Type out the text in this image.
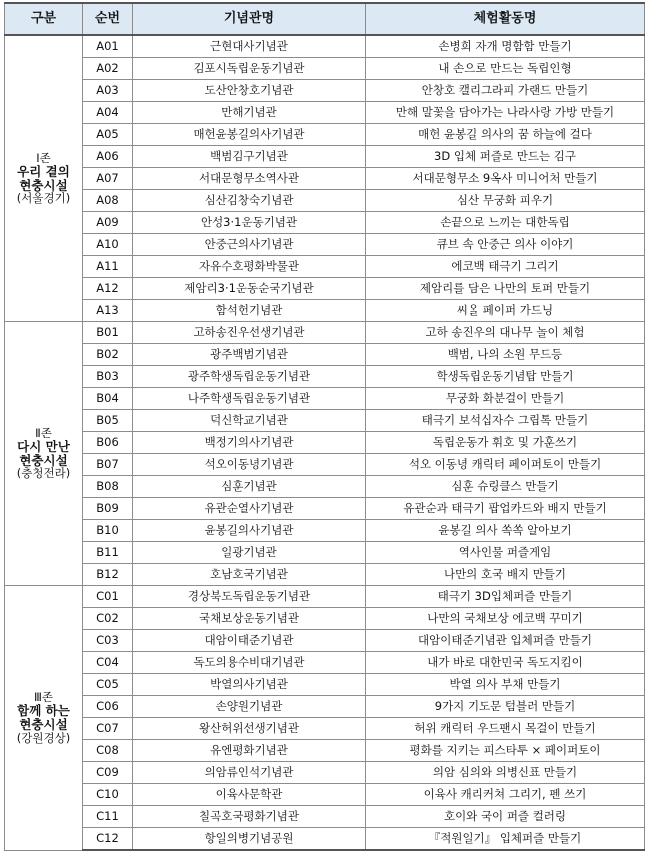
구분	순번	기념관명	체험활동명

Ⅰ존
우리 곁의
현충시설
(서울경기)	A01	근현대사기념관	손병희 자개 명함함 만들기
	A02	김포시독립운동기념관	내 손으로 만드는 독립인형
	A03	도산안창호기념관	안창호 캘리그라피 가랜드 만들기
	A04	만해기념관	만해 말꽃을 담아가는 나라사랑 가방 만들기
	A05	매헌윤봉길의사기념관	매헌 윤봉길 의사의 꿈 하늘에 걸다
	A06	백범김구기념관	3D 입체 퍼즐로 만드는 김구
	A07	서대문형무소역사관	서대문형무소 9옥사 미니어처 만들기
	A08	심산김창숙기념관	심산 무궁화 피우기
	A09	안성3·1운동기념관	손끝으로 느끼는 대한독립
	A10	안중근의사기념관	큐브 속 안중근 의사 이야기
	A11	자유수호평화박물관	에코백 태극기 그리기
	A12	제암리3·1운동순국기념관	제암리를 담은 나만의 토퍼 만들기
	A13	함석헌기념관	씨ᄋᆞᆯ 페이퍼 가드닝

Ⅱ존
다시 만난
현충시설
(충청전라)	B01	고하송진우선생기념관	고하 송진우의 대나무 놀이 체험
	B02	광주백범기념관	백범, 나의 소원 무드등
	B03	광주학생독립운동기념관	학생독립운동기념탑 만들기
	B04	나주학생독립운동기념관	무궁화 화분걸이 만들기
	B05	덕신학교기념관	태극기 보석십자수 그립톡 만들기
	B06	백정기의사기념관	독립운동가 휘호 및 가훈쓰기
	B07	석오이동녕기념관	석오 이동녕 캐릭터 페이퍼토이 만들기
	B08	심훈기념관	심훈 슈링클스 만들기
	B09	유관순열사기념관	유관순과 태극기 팝업카드와 배지 만들기
	B10	윤봉길의사기념관	윤봉길 의사 쏙쏙 알아보기
	B11	일광기념관	역사인물 퍼즐게임
	B12	호남호국기념관	나만의 호국 배지 만들기

Ⅲ존
함께 하는
현충시설
(강원경상)	C01	경상북도독립운동기념관	태극기 3D입체퍼즐 만들기
	C02	국채보상운동기념관	나만의 국채보상 에코백 꾸미기
	C03	대암이태준기념관	대암이태준기념관 입체퍼즐 만들기
	C04	독도의용수비대기념관	내가 바로 대한민국 독도지킴이
	C05	박열의사기념관	박열 의사 부채 만들기
	C06	손양원기념관	9가지 기도문 텀블러 만들기
	C07	왕산허위선생기념관	허위 캐릭터 우드팬시 목걸이 만들기
	C08	유엔평화기념관	평화를 지키는 피스타투 × 페이퍼토이
	C09	의암류인석기념관	의암 심의와 의병신표 만들기
	C10	이육사문학관	이육사 캐리커쳐 그리기, 펜 쓰기
	C11	칠곡호국평화기념관	호이와 국이 퍼즐 컬러링
	C12	항일의병기념공원	『적원일기』 입체퍼즐 만들기
